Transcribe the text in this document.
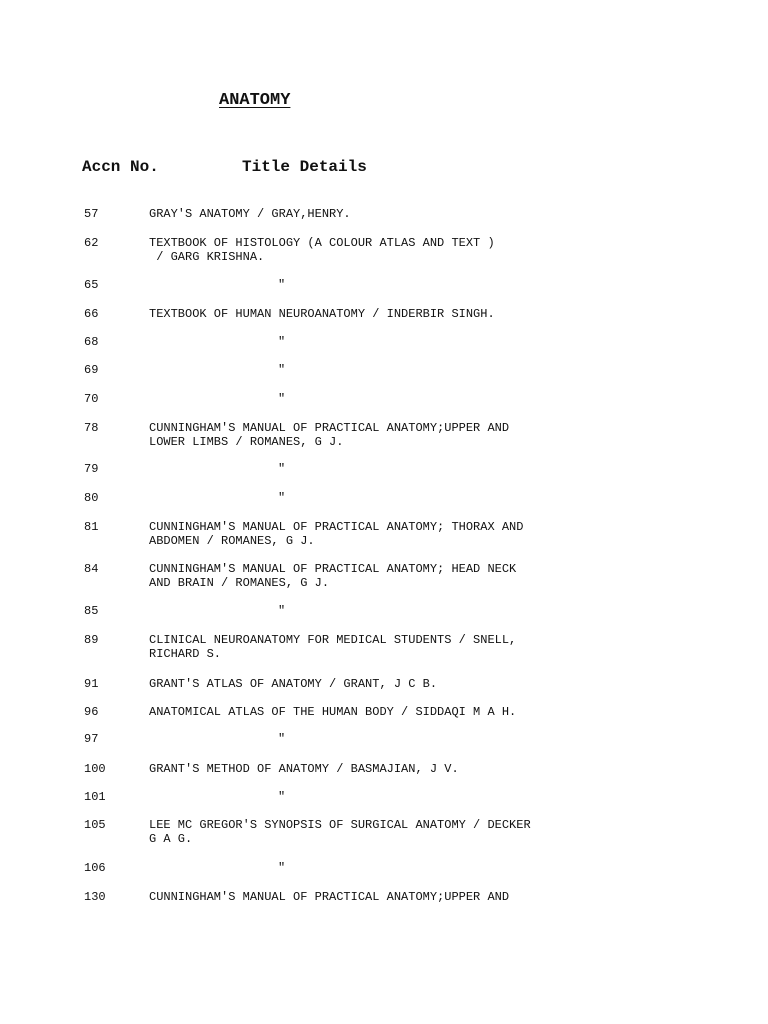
ANATOMY
Accn No.	Title Details
57	GRAY'S ANATOMY / GRAY,HENRY.
62	TEXTBOOK OF HISTOLOGY (A COLOUR ATLAS AND TEXT )
/ GARG KRISHNA.
65	"
66	TEXTBOOK OF HUMAN NEUROANATOMY / INDERBIR SINGH.
68	"
69	"
70	"
78	CUNNINGHAM'S MANUAL OF PRACTICAL ANATOMY;UPPER AND
LOWER LIMBS / ROMANES, G J.
79	"
80	"
81	CUNNINGHAM'S MANUAL OF PRACTICAL ANATOMY; THORAX AND
ABDOMEN / ROMANES, G J.
84	CUNNINGHAM'S MANUAL OF PRACTICAL ANATOMY; HEAD NECK
AND BRAIN / ROMANES, G J.
85	"
89	CLINICAL NEUROANATOMY FOR MEDICAL STUDENTS / SNELL,
RICHARD S.
91	GRANT'S ATLAS OF ANATOMY / GRANT, J C B.
96	ANATOMICAL ATLAS OF THE HUMAN BODY / SIDDAQI M A H.
97	"
100	GRANT'S METHOD OF ANATOMY / BASMAJIAN, J V.
101	"
105	LEE MC GREGOR'S SYNOPSIS OF SURGICAL ANATOMY / DECKER
G A G.
106	"
130	CUNNINGHAM'S MANUAL OF PRACTICAL ANATOMY;UPPER AND
